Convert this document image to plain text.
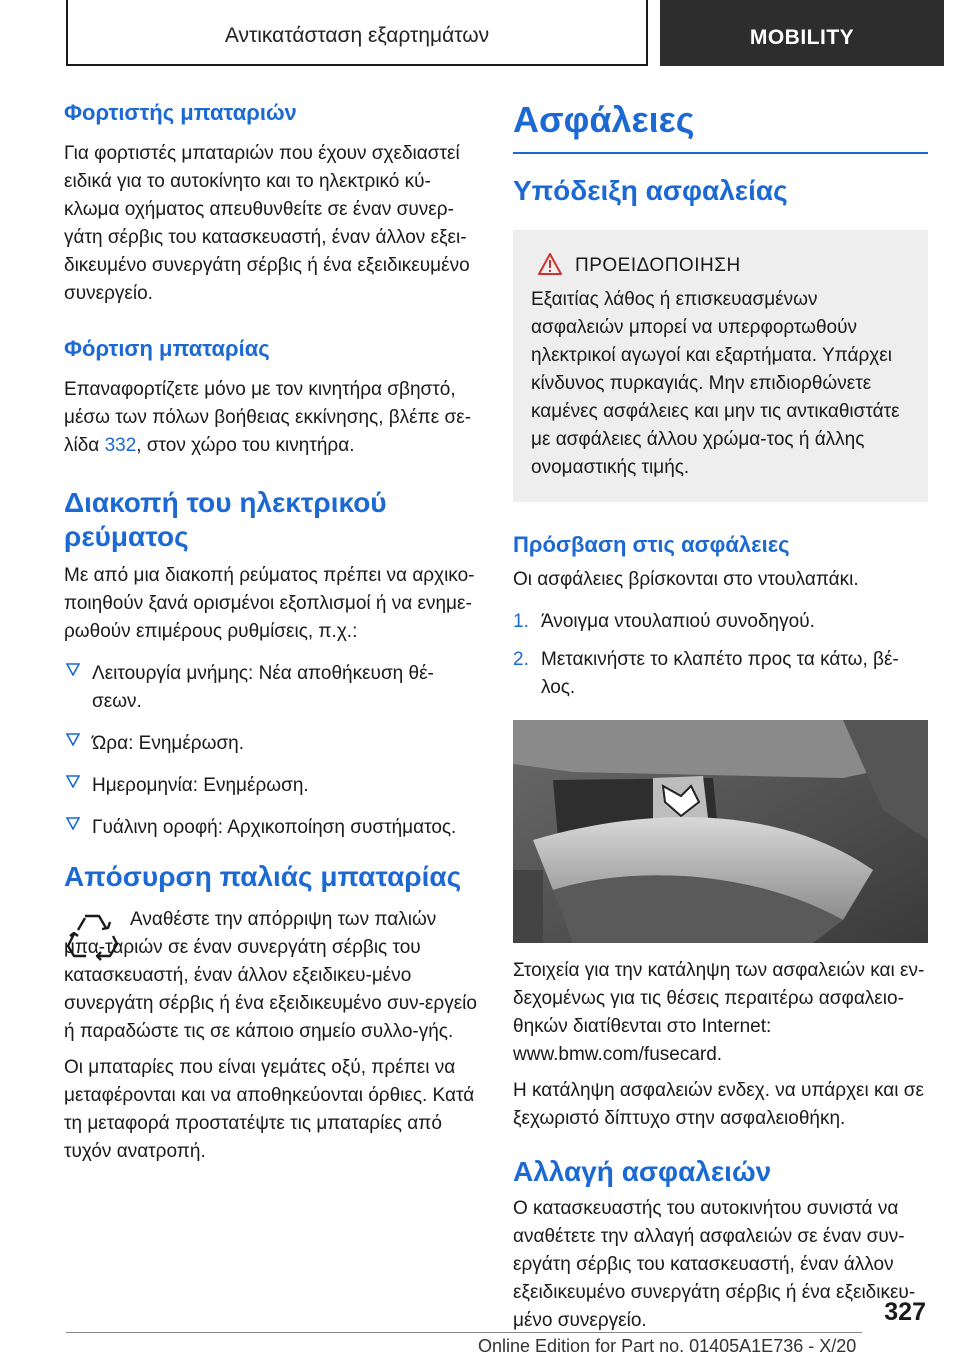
Αντικατάσταση εξαρτημάτων	MOBILITY
Φορτιστής μπαταριών

Για φορτιστές μπαταριών που έχουν σχεδιαστεί ειδικά για το αυτοκίνητο και το ηλεκτρικό κύ-κλωμα οχήματος απευθυνθείτε σε έναν συνερ-γάτη σέρβις του κατασκευαστή, έναν άλλον εξει-δικευμένο συνεργάτη σέρβις ή ένα εξειδικευμένο συνεργείο.

Φόρτιση μπαταρίας

Επαναφορτίζετε μόνο με τον κινητήρα σβηστό, μέσω των πόλων βοήθειας εκκίνησης, βλέπε σε-λίδα 332, στον χώρο του κινητήρα.

Διακοπή του ηλεκτρικού ρεύματος

Με από μια διακοπή ρεύματος πρέπει να αρχικο-ποιηθούν ξανά ορισμένοι εξοπλισμοί ή να ενημε-ρωθούν επιμέρους ρυθμίσεις, π.χ.:

Λειτουργία μνήμης: Νέα αποθήκευση θέ-σεων.
Ώρα: Ενημέρωση.
Ημερομηνία: Ενημέρωση.
Γυάλινη οροφή: Αρχικοποίηση συστήματος.
Απόσυρση παλιάς μπαταρίας

Αναθέστε την απόρριψη των παλιών μπα-ταριών σε έναν συνεργάτη σέρβις του κατασκευαστή, έναν άλλον εξειδικευ-μένο συνεργάτη σέρβις ή ένα εξειδικευμένο συν-εργείο ή παραδώστε τις σε κάποιο σημείο συλλο-γής.

Οι μπαταρίες που είναι γεμάτες οξύ, πρέπει να μεταφέρονται και να αποθηκεύονται όρθιες. Κατά τη μεταφορά προστατέψτε τις μπαταρίες από τυχόν ανατροπή.

Ασφάλειες
Υπόδειξη ασφαλείας
ΠΡΟΕΙΔΟΠΟΙΗΣΗ

Εξαιτίας λάθος ή επισκευασμένων ασφαλειών μπορεί να υπερφορτωθούν ηλεκτρικοί αγωγοί και εξαρτήματα. Υπάρχει κίνδυνος πυρκαγιάς. Μην επιδιορθώνετε καμένες ασφάλειες και μην τις αντικαθιστάτε με ασφάλειες άλλου χρώμα-τος ή άλλης ονομαστικής τιμής.

Πρόσβαση στις ασφάλειες

Οι ασφάλειες βρίσκονται στο ντουλαπάκι.

1. Άνοιγμα ντουλαπιού συνοδηγού.
2. Μετακινήστε το κλαπέτο προς τα κάτω, βέ-λος.

Στοιχεία για την κατάληψη των ασφαλειών και εν-δεχομένως για τις θέσεις περαιτέρω ασφαλειο-θηκών διατίθενται στο Internet: www.bmw.com/fusecard.

Η κατάληψη ασφαλειών ενδεχ. να υπάρχει και σε ξεχωριστό δίπτυχο στην ασφαλειοθήκη.

Αλλαγή ασφαλειών

Ο κατασκευαστής του αυτοκινήτου συνιστά να αναθέτετε την αλλαγή ασφαλειών σε έναν συν-εργάτη σέρβις του κατασκευαστή, έναν άλλον εξειδικευμένο συνεργάτη σέρβις ή ένα εξειδικευ-μένο συνεργείο.	327
Online Edition for Part no. 01405A1E736 - X/20
